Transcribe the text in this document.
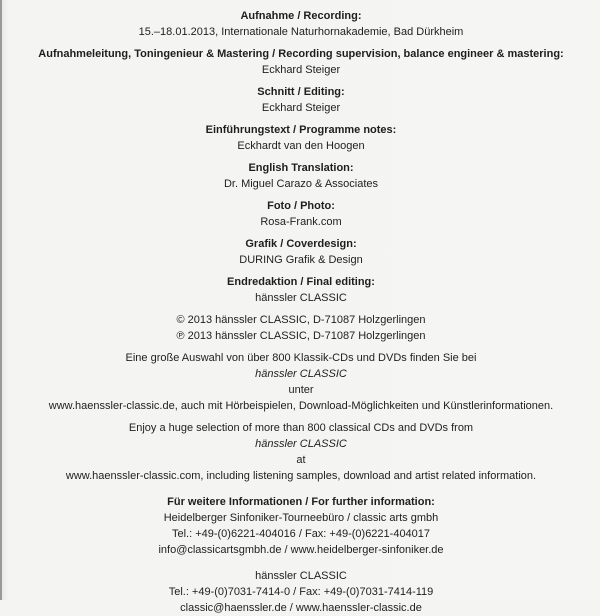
Aufnahme / Recording:
15.–18.01.2013, Internationale Naturhornakademie, Bad Dürkheim
Aufnahmeleitung, Toningenieur & Mastering / Recording supervision, balance engineer & mastering:
Eckhard Steiger
Schnitt / Editing:
Eckhard Steiger
Einführungstext / Programme notes:
Eckhardt van den Hoogen
English Translation:
Dr. Miguel Carazo & Associates
Foto / Photo:
Rosa-Frank.com
Grafik / Coverdesign:
DURING Grafik & Design
Endredaktion / Final editing:
hänssler CLASSIC
© 2013 hänssler CLASSIC, D-71087 Holzgerlingen
℗ 2013 hänssler CLASSIC, D-71087 Holzgerlingen
Eine große Auswahl von über 800 Klassik-CDs und DVDs finden Sie bei
hänssler CLASSIC
unter
www.haenssler-classic.de, auch mit Hörbeispielen, Download-Möglichkeiten und Künstlerinformationen.
Enjoy a huge selection of more than 800 classical CDs and DVDs from
hänssler CLASSIC
at
www.haenssler-classic.com, including listening samples, download and artist related information.
Für weitere Informationen / For further information:
Heidelberger Sinfoniker-Tourneebüro / classic arts gmbh
Tel.: +49-(0)6221-404016 / Fax: +49-(0)6221-404017
info@classicartsgmbh.de / www.heidelberger-sinfoniker.de
hänssler CLASSIC
Tel.: +49-(0)7031-7414-0 / Fax: +49-(0)7031-7414-119
classic@haenssler.de / www.haenssler-classic.de
